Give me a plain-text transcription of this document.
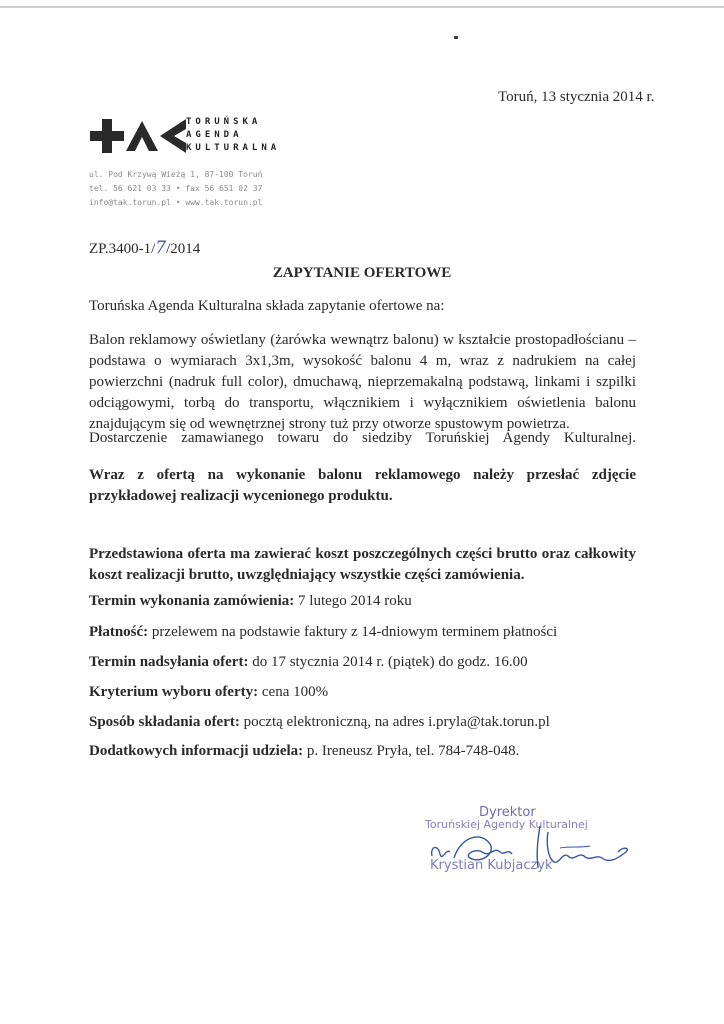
Toruń, 13 stycznia 2014 r.
TORUŃSKA
AGENDA
KULTURALNA
ul. Pod Krzywą Wieżą 1, 87-100 Toruń
tel. 56 621 03 33 • fax 56 651 02 37
info@tak.torun.pl • www.tak.torun.pl
ZP.3400-1/7/2014
ZAPYTANIE OFERTOWE
Toruńska Agenda Kulturalna składa zapytanie ofertowe na:
Balon reklamowy oświetlany (żarówka wewnątrz balonu) w kształcie prostopadłościanu – podstawa o wymiarach 3x1,3m, wysokość balonu 4 m, wraz z nadrukiem na całej powierzchni (nadruk full color), dmuchawą, nieprzemakalną podstawą, linkami i szpilki odciągowymi, torbą do transportu, włącznikiem i wyłącznikiem oświetlenia balonu znajdującym się od wewnętrznej strony tuż przy otworze spustowym powietrza.
Dostarczenie zamawianego towaru do siedziby Toruńskiej Agendy Kulturalnej.
Wraz z ofertą na wykonanie balonu reklamowego należy przesłać zdjęcie przykładowej realizacji wycenionego produktu.
Przedstawiona oferta ma zawierać koszt poszczególnych części brutto oraz całkowity koszt realizacji brutto, uwzględniający wszystkie części zamówienia.
Termin wykonania zamówienia: 7 lutego 2014 roku
Płatność: przelewem na podstawie faktury z 14-dniowym terminem płatności
Termin nadsyłania ofert: do 17 stycznia 2014 r. (piątek) do godz. 16.00
Kryterium wyboru oferty: cena 100%
Sposób składania ofert: pocztą elektroniczną, na adres i.pryla@tak.torun.pl
Dodatkowych informacji udziela: p. Ireneusz Pryła, tel. 784-748-048.
Dyrektor
Toruńskiej Agendy Kulturalnej
Krystian Kubjaczyk
